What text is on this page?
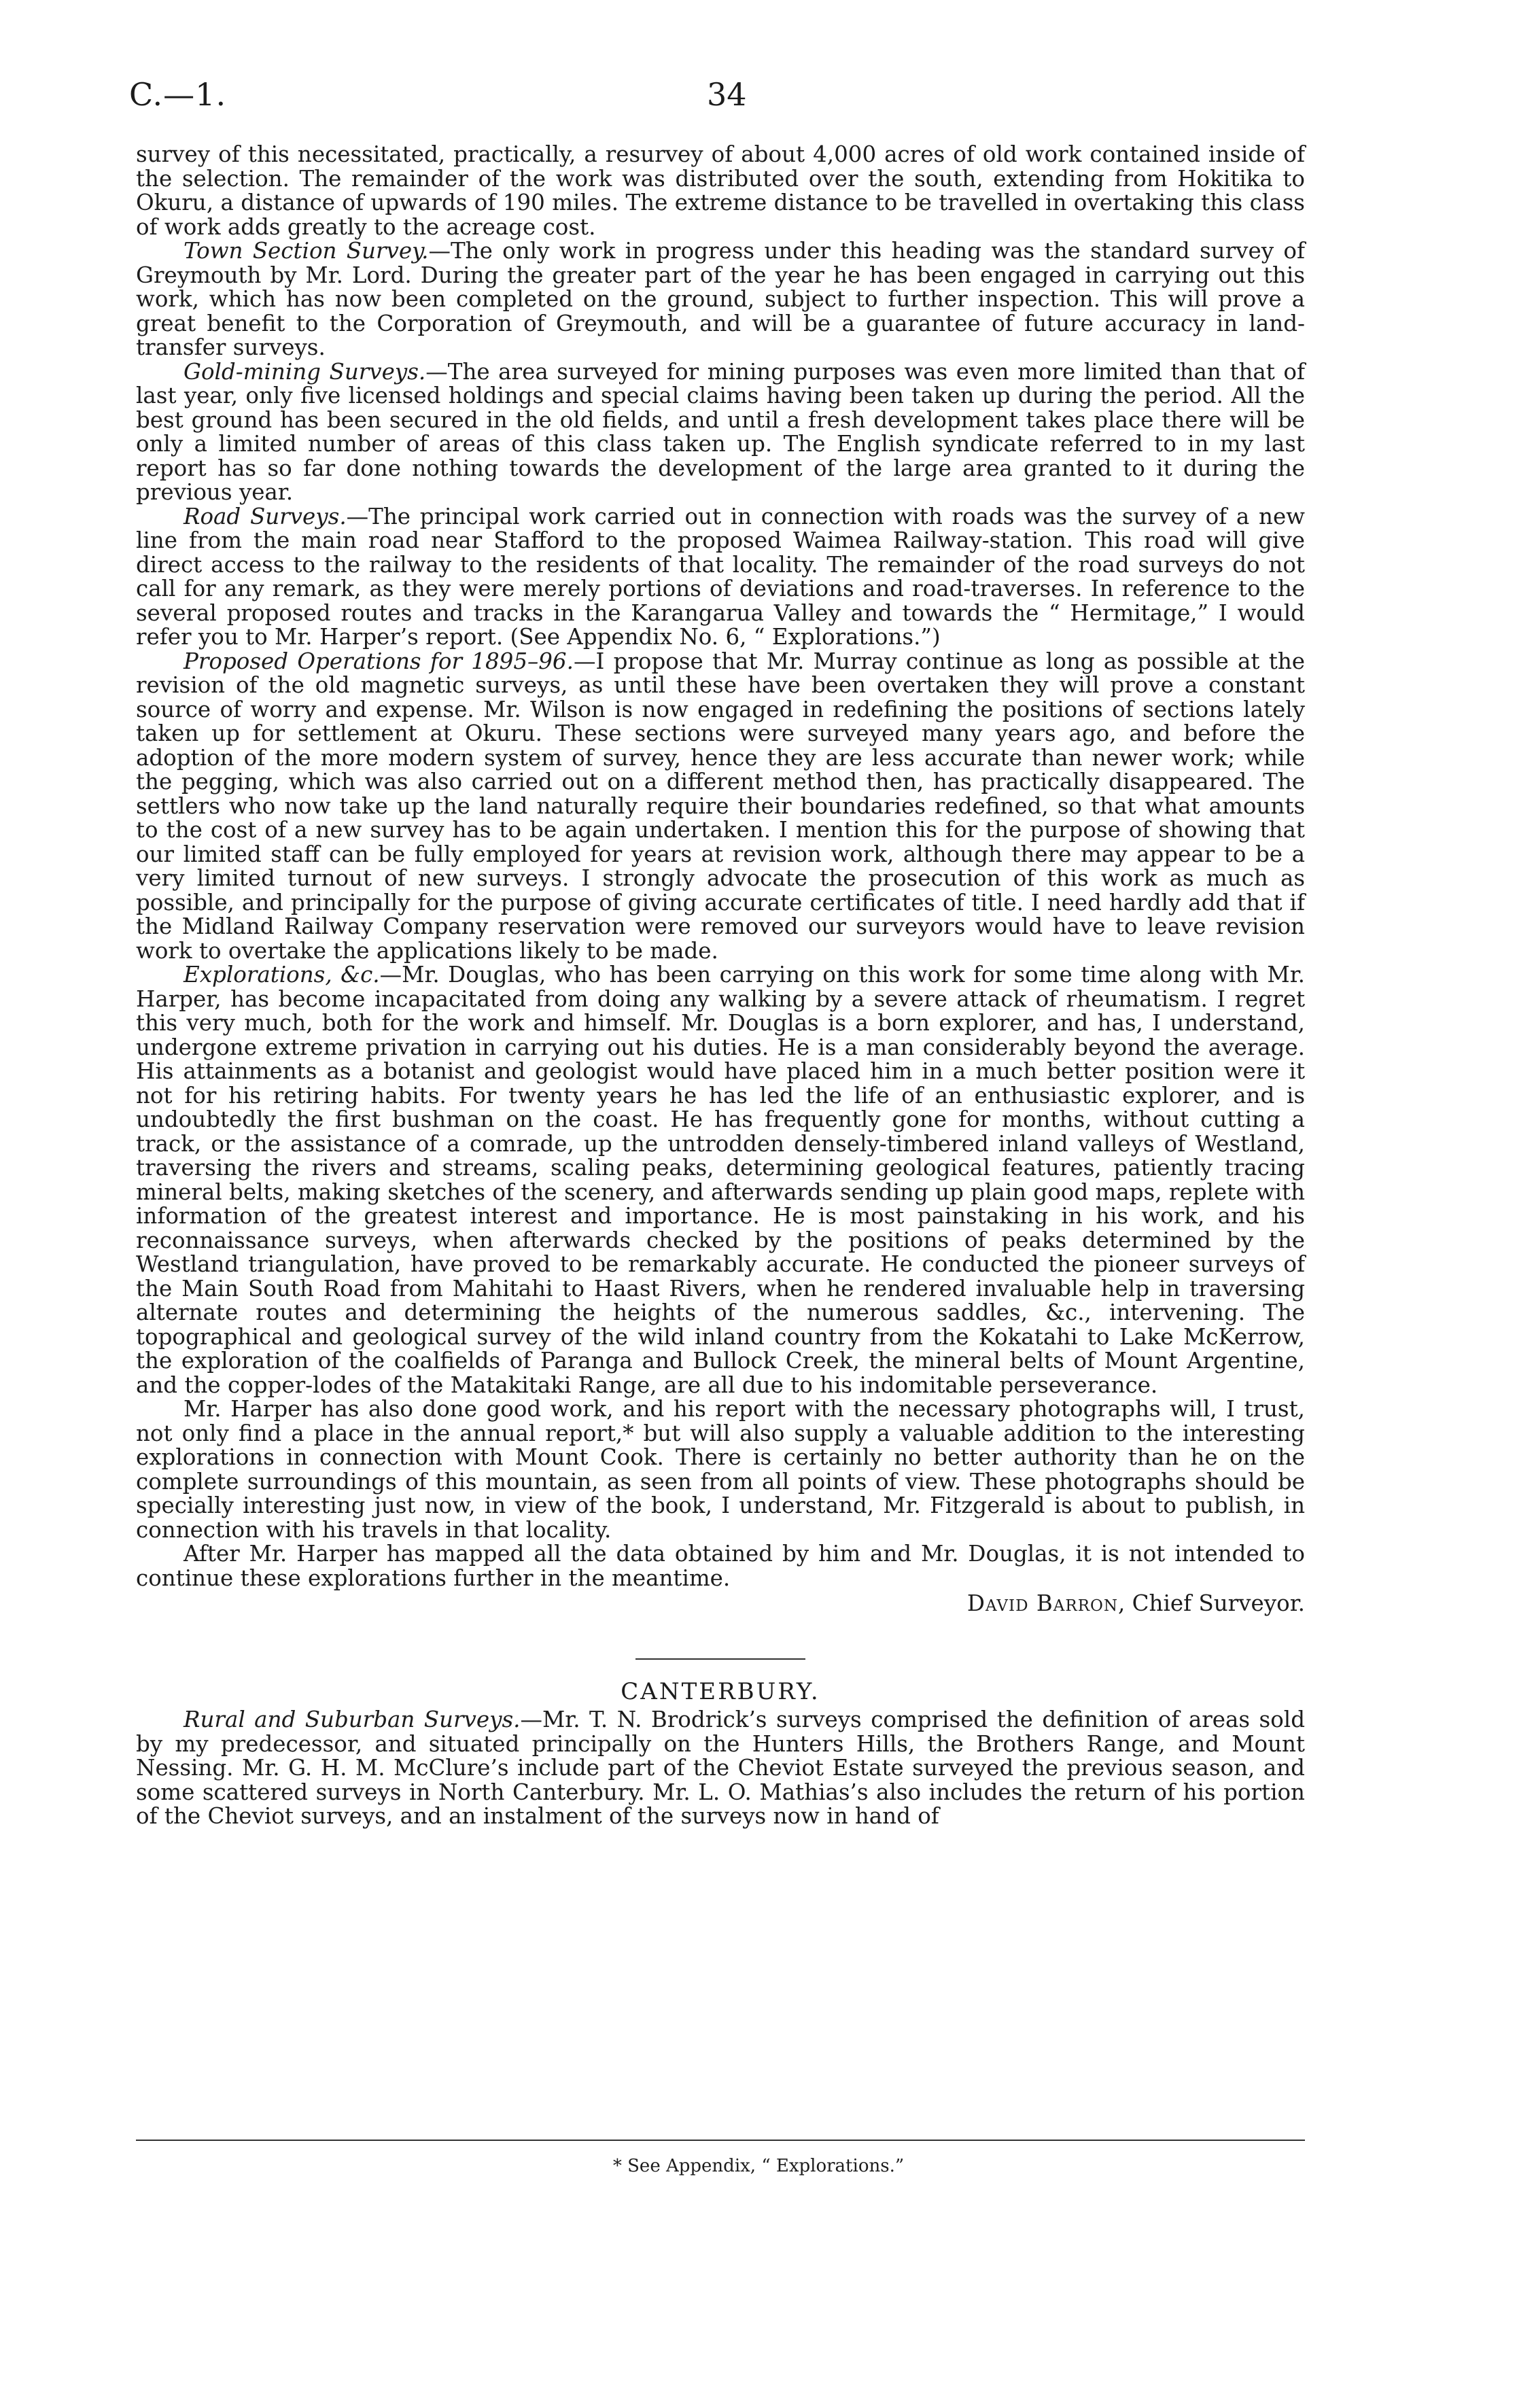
C.—1.	34

survey of this necessitated, practically, a resurvey of about 4,000 acres of old work contained inside of the selection. The remainder of the work was distributed over the south, extending from Hokitika to Okuru, a distance of upwards of 190 miles. The extreme distance to be travelled in overtaking this class of work adds greatly to the acreage cost.

Town Section Survey.—The only work in progress under this heading was the standard survey of Greymouth by Mr. Lord. During the greater part of the year he has been engaged in carrying out this work, which has now been completed on the ground, subject to further inspection. This will prove a great benefit to the Corporation of Greymouth, and will be a guarantee of future accuracy in land-transfer surveys.

Gold-mining Surveys.—The area surveyed for mining purposes was even more limited than that of last year, only five licensed holdings and special claims having been taken up during the period. All the best ground has been secured in the old fields, and until a fresh development takes place there will be only a limited number of areas of this class taken up. The English syndicate referred to in my last report has so far done nothing towards the development of the large area granted to it during the previous year.

Road Surveys.—The principal work carried out in connection with roads was the survey of a new line from the main road near Stafford to the proposed Waimea Railway-station. This road will give direct access to the railway to the residents of that locality. The remainder of the road surveys do not call for any remark, as they were merely portions of deviations and road-traverses. In reference to the several proposed routes and tracks in the Karangarua Valley and towards the “ Hermitage,” I would refer you to Mr. Harper’s report. (See Appendix No. 6, “ Explorations.”)

Proposed Operations for 1895–96.—I propose that Mr. Murray continue as long as possible at the revision of the old magnetic surveys, as until these have been overtaken they will prove a constant source of worry and expense. Mr. Wilson is now engaged in redefining the positions of sections lately taken up for settlement at Okuru. These sections were surveyed many years ago, and before the adoption of the more modern system of survey, hence they are less accurate than newer work; while the pegging, which was also carried out on a different method then, has practically disappeared. The settlers who now take up the land naturally require their boundaries redefined, so that what amounts to the cost of a new survey has to be again undertaken. I mention this for the purpose of showing that our limited staff can be fully employed for years at revision work, although there may appear to be a very limited turnout of new surveys. I strongly advocate the prosecution of this work as much as possible, and principally for the purpose of giving accurate certificates of title. I need hardly add that if the Midland Railway Company reservation were removed our surveyors would have to leave revision work to overtake the applications likely to be made.

Explorations, &c.—Mr. Douglas, who has been carrying on this work for some time along with Mr. Harper, has become incapacitated from doing any walking by a severe attack of rheumatism. I regret this very much, both for the work and himself. Mr. Douglas is a born explorer, and has, I understand, undergone extreme privation in carrying out his duties. He is a man considerably beyond the average. His attainments as a botanist and geologist would have placed him in a much better position were it not for his retiring habits. For twenty years he has led the life of an enthusiastic explorer, and is undoubtedly the first bushman on the coast. He has frequently gone for months, without cutting a track, or the assistance of a comrade, up the untrodden densely-timbered inland valleys of Westland, traversing the rivers and streams, scaling peaks, determining geological features, patiently tracing mineral belts, making sketches of the scenery, and afterwards sending up plain good maps, replete with information of the greatest interest and importance. He is most painstaking in his work, and his reconnaissance surveys, when afterwards checked by the positions of peaks determined by the Westland triangulation, have proved to be remarkably accurate. He conducted the pioneer surveys of the Main South Road from Mahitahi to Haast Rivers, when he rendered invaluable help in traversing alternate routes and determining the heights of the numerous saddles, &c., intervening. The topographical and geological survey of the wild inland country from the Kokatahi to Lake McKerrow, the exploration of the coalfields of Paranga and Bullock Creek, the mineral belts of Mount Argentine, and the copper-lodes of the Matakitaki Range, are all due to his indomitable perseverance.

Mr. Harper has also done good work, and his report with the necessary photographs will, I trust, not only find a place in the annual report,* but will also supply a valuable addition to the interesting explorations in connection with Mount Cook. There is certainly no better authority than he on the complete surroundings of this mountain, as seen from all points of view. These photographs should be specially interesting just now, in view of the book, I understand, Mr. Fitzgerald is about to publish, in connection with his travels in that locality.

After Mr. Harper has mapped all the data obtained by him and Mr. Douglas, it is not intended to continue these explorations further in the meantime.

David Barron, Chief Surveyor.
CANTERBURY.

Rural and Suburban Surveys.—Mr. T. N. Brodrick’s surveys comprised the definition of areas sold by my predecessor, and situated principally on the Hunters Hills, the Brothers Range, and Mount Nessing. Mr. G. H. M. McClure’s include part of the Cheviot Estate surveyed the previous season, and some scattered surveys in North Canterbury. Mr. L. O. Mathias’s also includes the return of his portion of the Cheviot surveys, and an instalment of the surveys now in hand of

* See Appendix, “ Explorations.”
